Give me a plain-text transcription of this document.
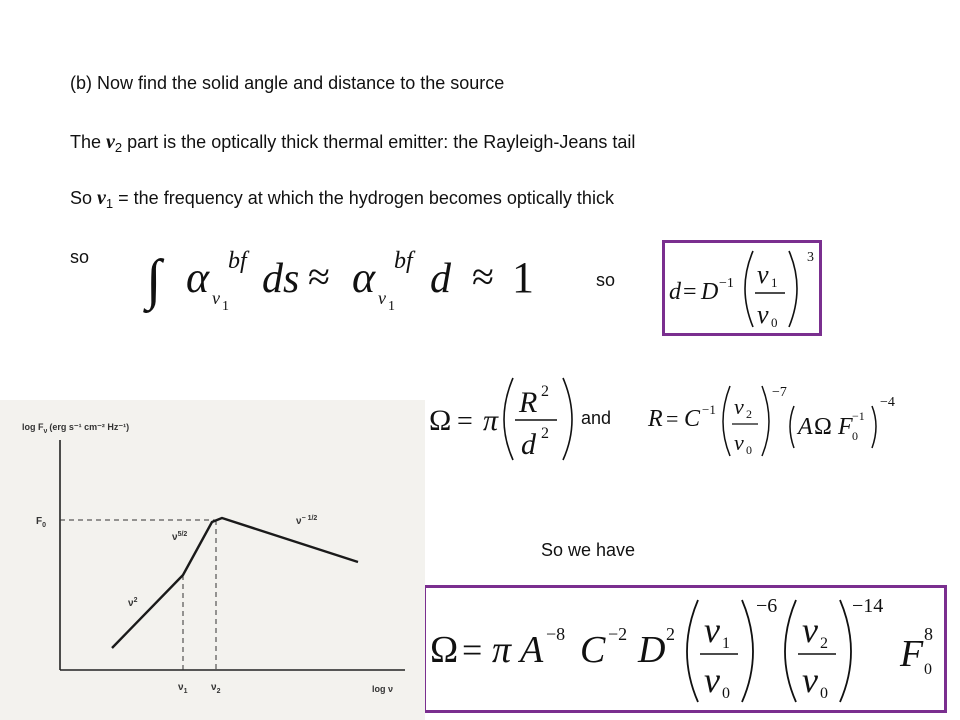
(b) Now find the solid angle and distance to the source
The $\nu_2$ part is the optically thick thermal emitter: the Rayleigh-Jeans tail
So $\nu_1$ = the frequency at which the hydrogen becomes optically thick
so
so
and
So we have
∫ α bf
ν 1
ds ≈ α bf
ν 1
d ≈ 1	d = D −1 ν 1
ν 0
3
Ω = π
R 2
d 2
R = C −1 ν 2
ν 0
−7
A Ω F 0
−1
−4
Ω = π A −8 C −2 D 2 ν 1
ν 0
−6
ν 2
ν 0
−14
F 0
8
$\log F_\nu$ (erg s⁻¹ cm⁻² Hz⁻¹)
log ν
$F_0$
$\nu_1$ $\nu_2$
$\nu^2$
$\nu^{5/2}$
$\nu^{- 1/2}$
